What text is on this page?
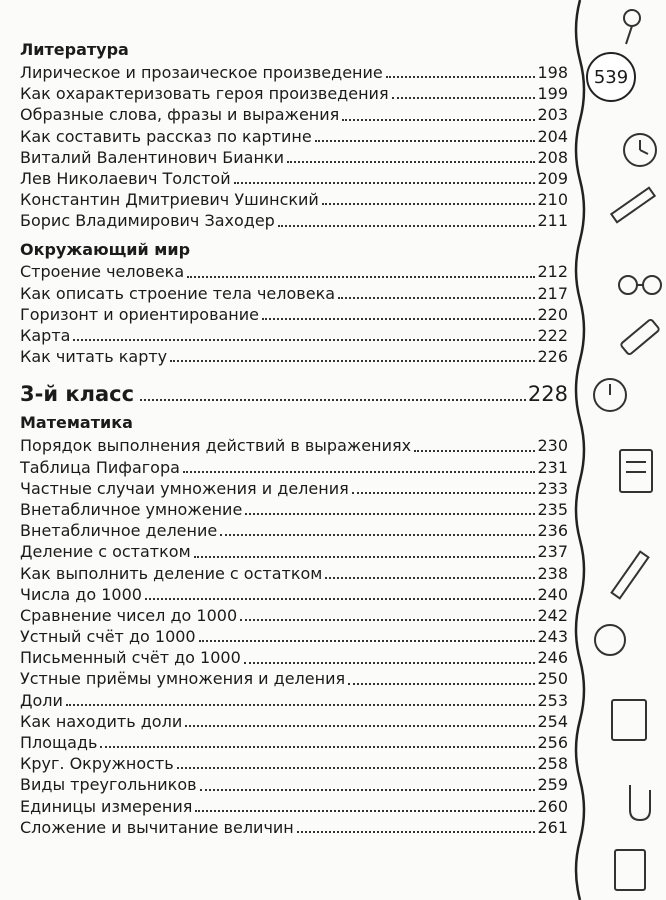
539
Литература
Лирическое и прозаическое произведение	198
Как охарактеризовать героя произведения	199
Образные слова, фразы и выражения	203
Как составить рассказ по картине	204
Виталий Валентинович Бианки	208
Лев Николаевич Толстой	209
Константин Дмитриевич Ушинский	210
Борис Владимирович Заходер	211
Окружающий мир
Строение человека	212
Как описать строение тела человека	217
Горизонт и ориентирование	220
Карта	222
Как читать карту	226
3-й класс	228
Математика
Порядок выполнения действий в выражениях	230
Таблица Пифагора	231
Частные случаи умножения и деления	233
Внетабличное умножение	235
Внетабличное деление	236
Деление с остатком	237
Как выполнить деление с остатком	238
Числа до 1000	240
Сравнение чисел до 1000	242
Устный счёт до 1000	243
Письменный счёт до 1000	246
Устные приёмы умножения и деления	250
Доли	253
Как находить доли	254
Площадь	256
Круг. Окружность	258
Виды треугольников	259
Единицы измерения	260
Сложение и вычитание величин	261
